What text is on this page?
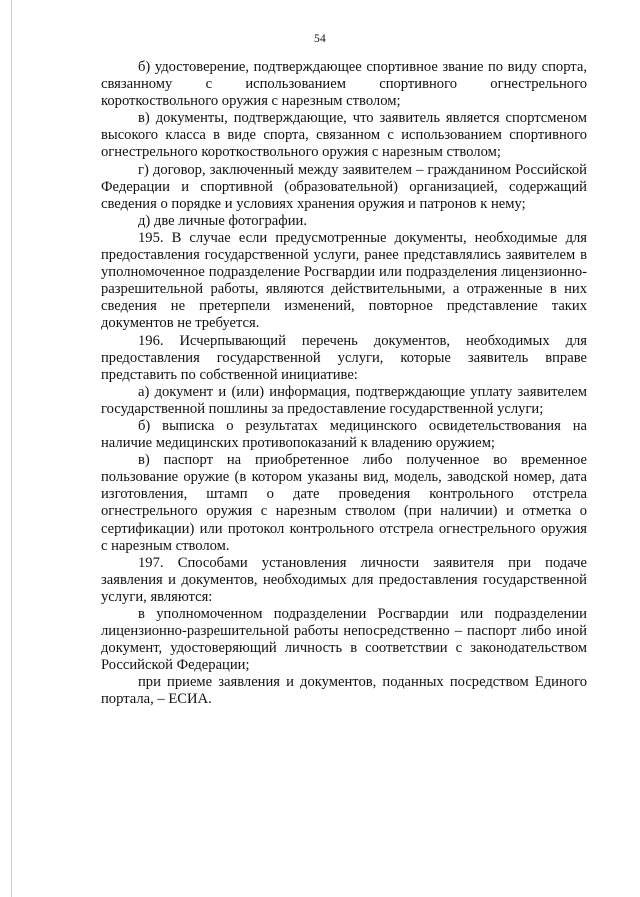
54

б) удостоверение, подтверждающее спортивное звание по виду спорта, связанному с использованием спортивного огнестрельного короткоствольного оружия с нарезным стволом;

в) документы, подтверждающие, что заявитель является спортсменом высокого класса в виде спорта, связанном с использованием спортивного огнестрельного короткоствольного оружия с нарезным стволом;

г) договор, заключенный между заявителем – гражданином Российской Федерации и спортивной (образовательной) организацией, содержащий сведения о порядке и условиях хранения оружия и патронов к нему;

д) две личные фотографии.

195. В случае если предусмотренные документы, необходимые для предоставления государственной услуги, ранее представлялись заявителем в уполномоченное подразделение Росгвардии или подразделения лицензионно-разрешительной работы, являются действительными, а отраженные в них сведения не претерпели изменений, повторное представление таких документов не требуется.

196. Исчерпывающий перечень документов, необходимых для предоставления государственной услуги, которые заявитель вправе представить по собственной инициативе:

а) документ и (или) информация, подтверждающие уплату заявителем государственной пошлины за предоставление государственной услуги;

б) выписка о результатах медицинского освидетельствования на наличие медицинских противопоказаний к владению оружием;

в) паспорт на приобретенное либо полученное во временное пользование оружие (в котором указаны вид, модель, заводской номер, дата изготовления, штамп о дате проведения контрольного отстрела огнестрельного оружия с нарезным стволом (при наличии) и отметка о сертификации) или протокол контрольного отстрела огнестрельного оружия с нарезным стволом.

197. Способами установления личности заявителя при подаче заявления и документов, необходимых для предоставления государственной услуги, являются:

в уполномоченном подразделении Росгвардии или подразделении лицензионно-разрешительной работы непосредственно – паспорт либо иной документ, удостоверяющий личность в соответствии с законодательством Российской Федерации;

при приеме заявления и документов, поданных посредством Единого портала, – ЕСИА.
